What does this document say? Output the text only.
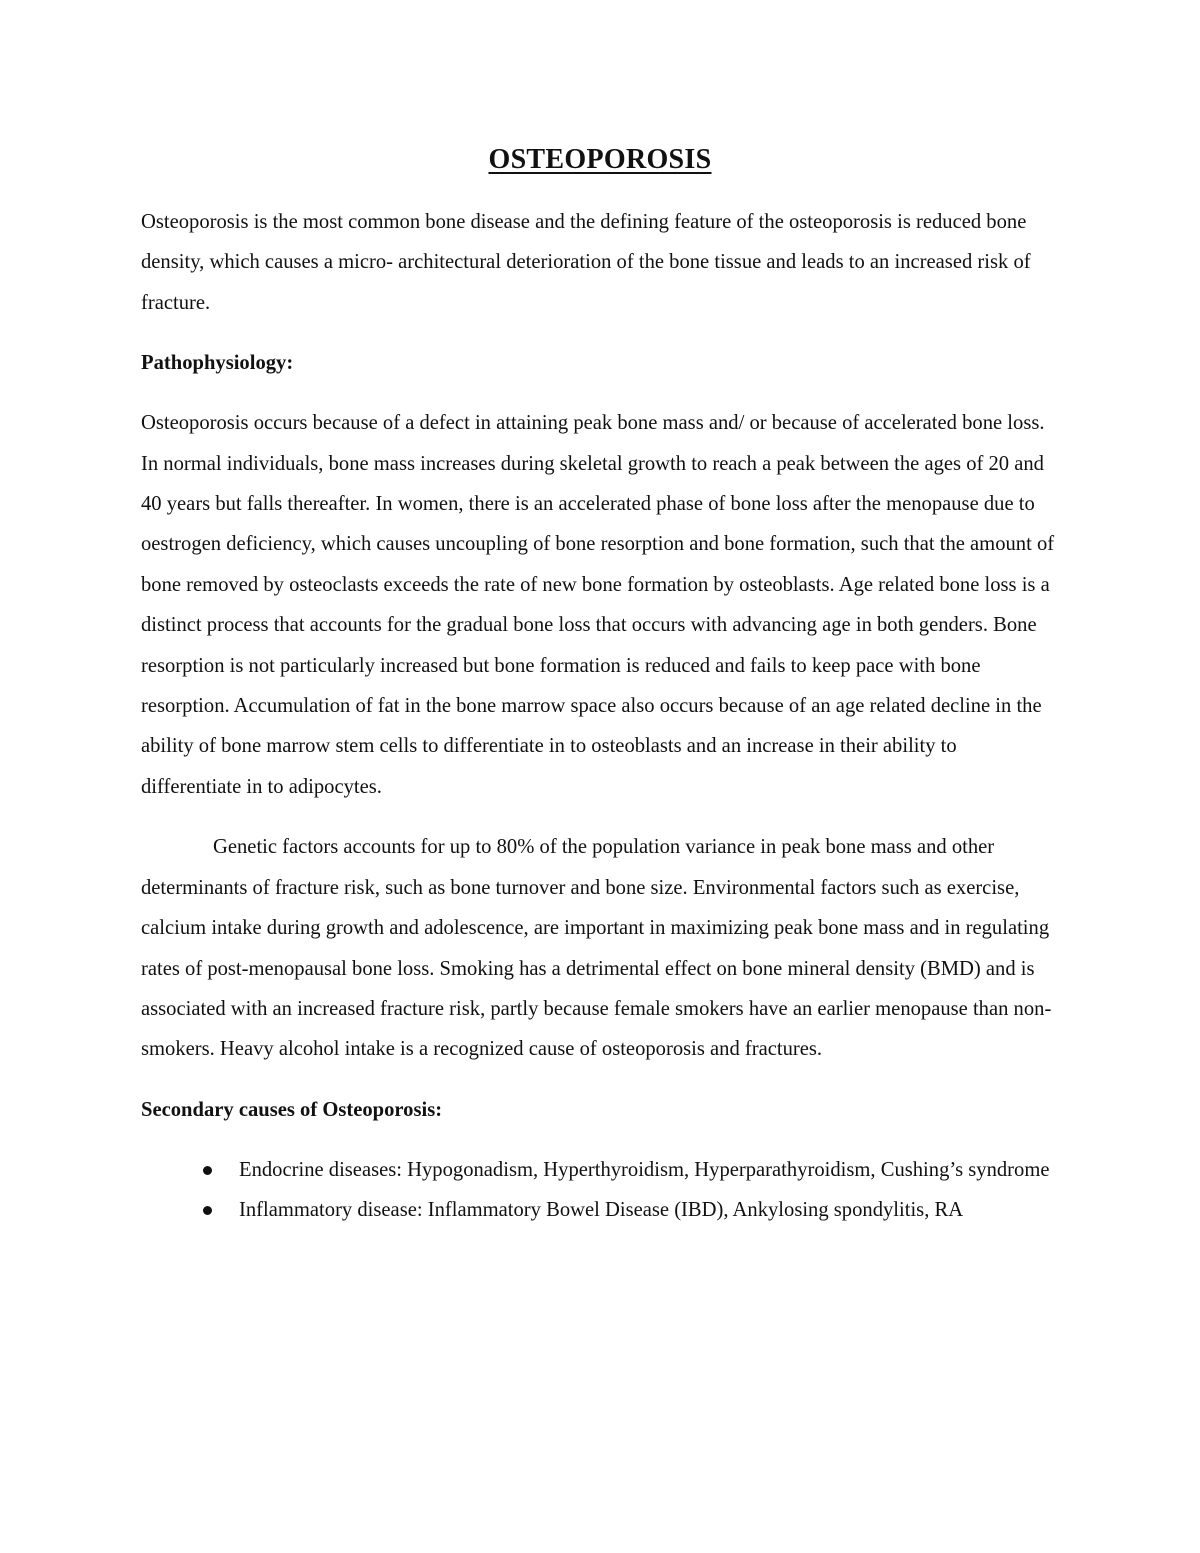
OSTEOPOROSIS

Osteoporosis is the most common bone disease and the defining feature of the osteoporosis is reduced bone density, which causes a micro- architectural deterioration of the bone tissue and leads to an increased risk of fracture.

Pathophysiology:

Osteoporosis occurs because of a defect in attaining peak bone mass and/ or because of accelerated bone loss. In normal individuals, bone mass increases during skeletal growth to reach a peak between the ages of 20 and 40 years but falls thereafter. In women, there is an accelerated phase of bone loss after the menopause due to oestrogen deficiency, which causes uncoupling of bone resorption and bone formation, such that the amount of bone removed by osteoclasts exceeds the rate of new bone formation by osteoblasts. Age related bone loss is a distinct process that accounts for the gradual bone loss that occurs with advancing age in both genders. Bone resorption is not particularly increased but bone formation is reduced and fails to keep pace with bone resorption. Accumulation of fat in the bone marrow space also occurs because of an age related decline in the ability of bone marrow stem cells to differentiate in to osteoblasts and an increase in their ability to differentiate in to adipocytes.

Genetic factors accounts for up to 80% of the population variance in peak bone mass and other determinants of fracture risk, such as bone turnover and bone size. Environmental factors such as exercise, calcium intake during growth and adolescence, are important in maximizing peak bone mass and in regulating rates of post-menopausal bone loss. Smoking has a detrimental effect on bone mineral density (BMD) and is associated with an increased fracture risk, partly because female smokers have an earlier menopause than non-smokers. Heavy alcohol intake is a recognized cause of osteoporosis and fractures.

Secondary causes of Osteoporosis:
Endocrine diseases: Hypogonadism, Hyperthyroidism, Hyperparathyroidism, Cushing’s syndrome
Inflammatory disease: Inflammatory Bowel Disease (IBD), Ankylosing spondylitis, RA
